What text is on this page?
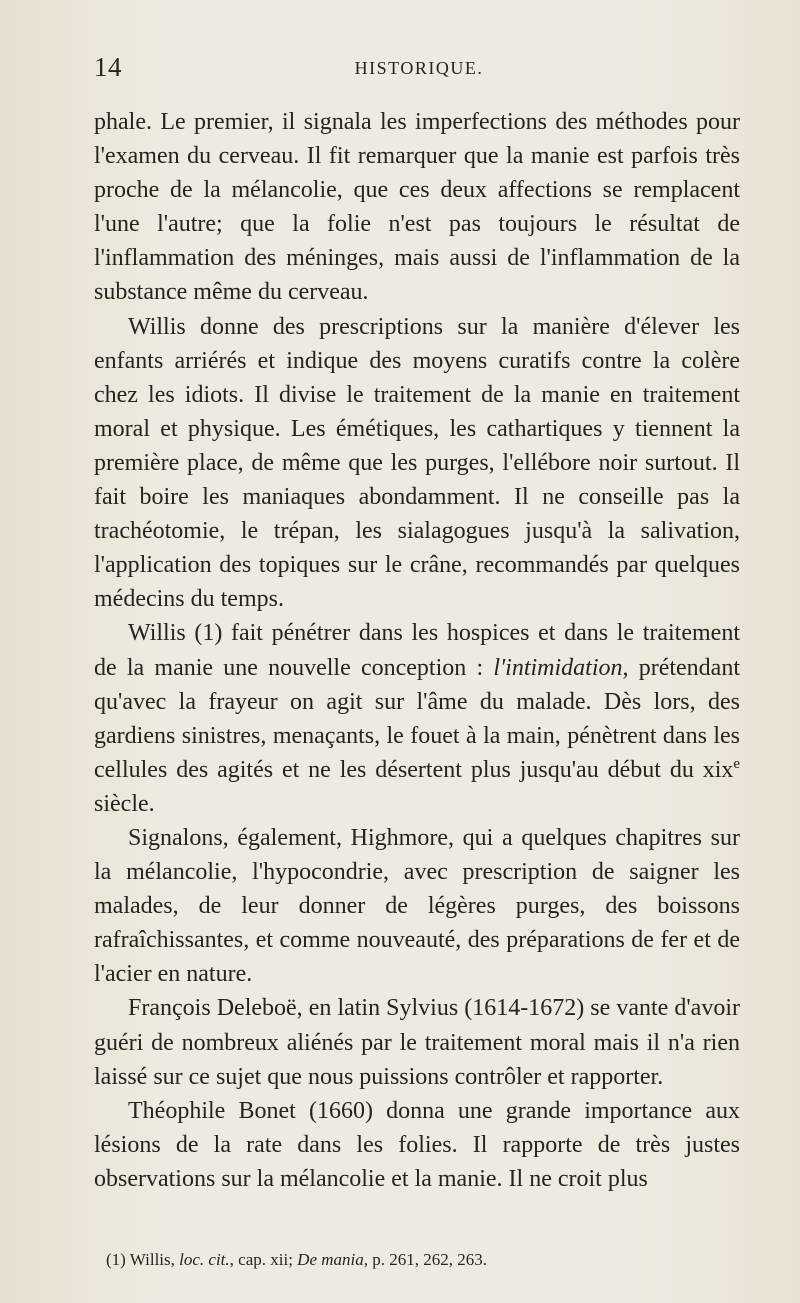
14	HISTORIQUE.

phale. Le premier, il signala les imperfections des méthodes pour l'examen du cerveau. Il fit remarquer que la manie est parfois très proche de la mélancolie, que ces deux affections se remplacent l'une l'autre; que la folie n'est pas toujours le résultat de l'inflammation des méninges, mais aussi de l'inflammation de la substance même du cerveau.

Willis donne des prescriptions sur la manière d'élever les enfants arriérés et indique des moyens curatifs contre la colère chez les idiots. Il divise le traitement de la manie en traitement moral et physique. Les émétiques, les cathartiques y tiennent la première place, de même que les purges, l'ellébore noir surtout. Il fait boire les maniaques abondamment. Il ne conseille pas la trachéotomie, le trépan, les sialagogues jusqu'à la salivation, l'application des topiques sur le crâne, recommandés par quelques médecins du temps.

Willis (1) fait pénétrer dans les hospices et dans le traitement de la manie une nouvelle conception : l'intimidation, prétendant qu'avec la frayeur on agit sur l'âme du malade. Dès lors, des gardiens sinistres, menaçants, le fouet à la main, pénètrent dans les cellules des agités et ne les désertent plus jusqu'au début du xix$^e$ siècle.

Signalons, également, Highmore, qui a quelques chapitres sur la mélancolie, l'hypocondrie, avec prescription de saigner les malades, de leur donner de légères purges, des boissons rafraîchissantes, et comme nouveauté, des préparations de fer et de l'acier en nature.

François Deleboë, en latin Sylvius (1614-1672) se vante d'avoir guéri de nombreux aliénés par le traitement moral mais il n'a rien laissé sur ce sujet que nous puissions contrôler et rapporter.

Théophile Bonet (1660) donna une grande importance aux lésions de la rate dans les folies. Il rapporte de très justes observations sur la mélancolie et la manie. Il ne croit plus

(1) Willis, loc. cit., cap. xii; De mania, p. 261, 262, 263.
